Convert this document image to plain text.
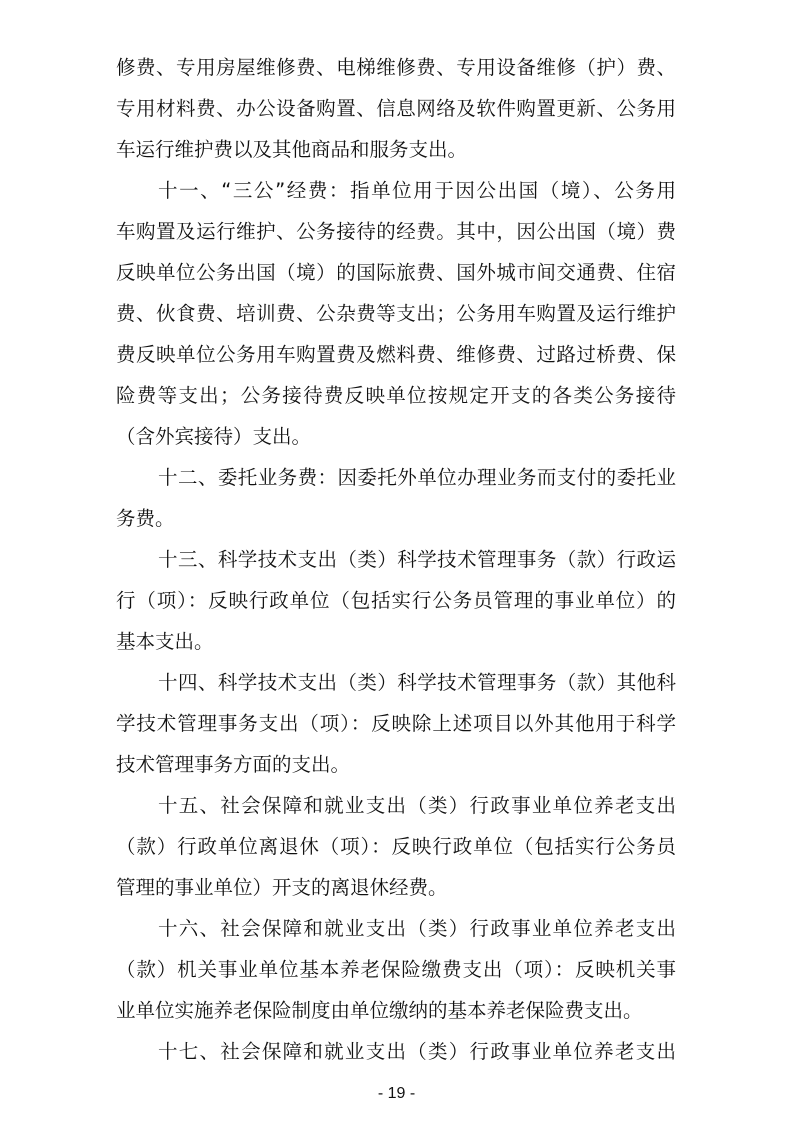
修费、专用房屋维修费、电梯维修费、专用设备维修（护）费、
专用材料费、办公设备购置、信息网络及软件购置更新、公务用
车运行维护费以及其他商品和服务支出。
十一、“三公”经费：指单位用于因公出国（境）、公务用
车购置及运行维护、公务接待的经费。其中，因公出国（境）费
反映单位公务出国（境）的国际旅费、国外城市间交通费、住宿
费、伙食费、培训费、公杂费等支出；公务用车购置及运行维护
费反映单位公务用车购置费及燃料费、维修费、过路过桥费、保
险费等支出；公务接待费反映单位按规定开支的各类公务接待
（含外宾接待）支出。
十二、委托业务费：因委托外单位办理业务而支付的委托业
务费。
十三、科学技术支出（类）科学技术管理事务（款）行政运
行（项）：反映行政单位（包括实行公务员管理的事业单位）的
基本支出。
十四、科学技术支出（类）科学技术管理事务（款）其他科
学技术管理事务支出（项）：反映除上述项目以外其他用于科学
技术管理事务方面的支出。
十五、社会保障和就业支出（类）行政事业单位养老支出
（款）行政单位离退休（项）：反映行政单位（包括实行公务员
管理的事业单位）开支的离退休经费。
十六、社会保障和就业支出（类）行政事业单位养老支出
（款）机关事业单位基本养老保险缴费支出（项）：反映机关事
业单位实施养老保险制度由单位缴纳的基本养老保险费支出。
十七、社会保障和就业支出（类）行政事业单位养老支出
- 19 -
